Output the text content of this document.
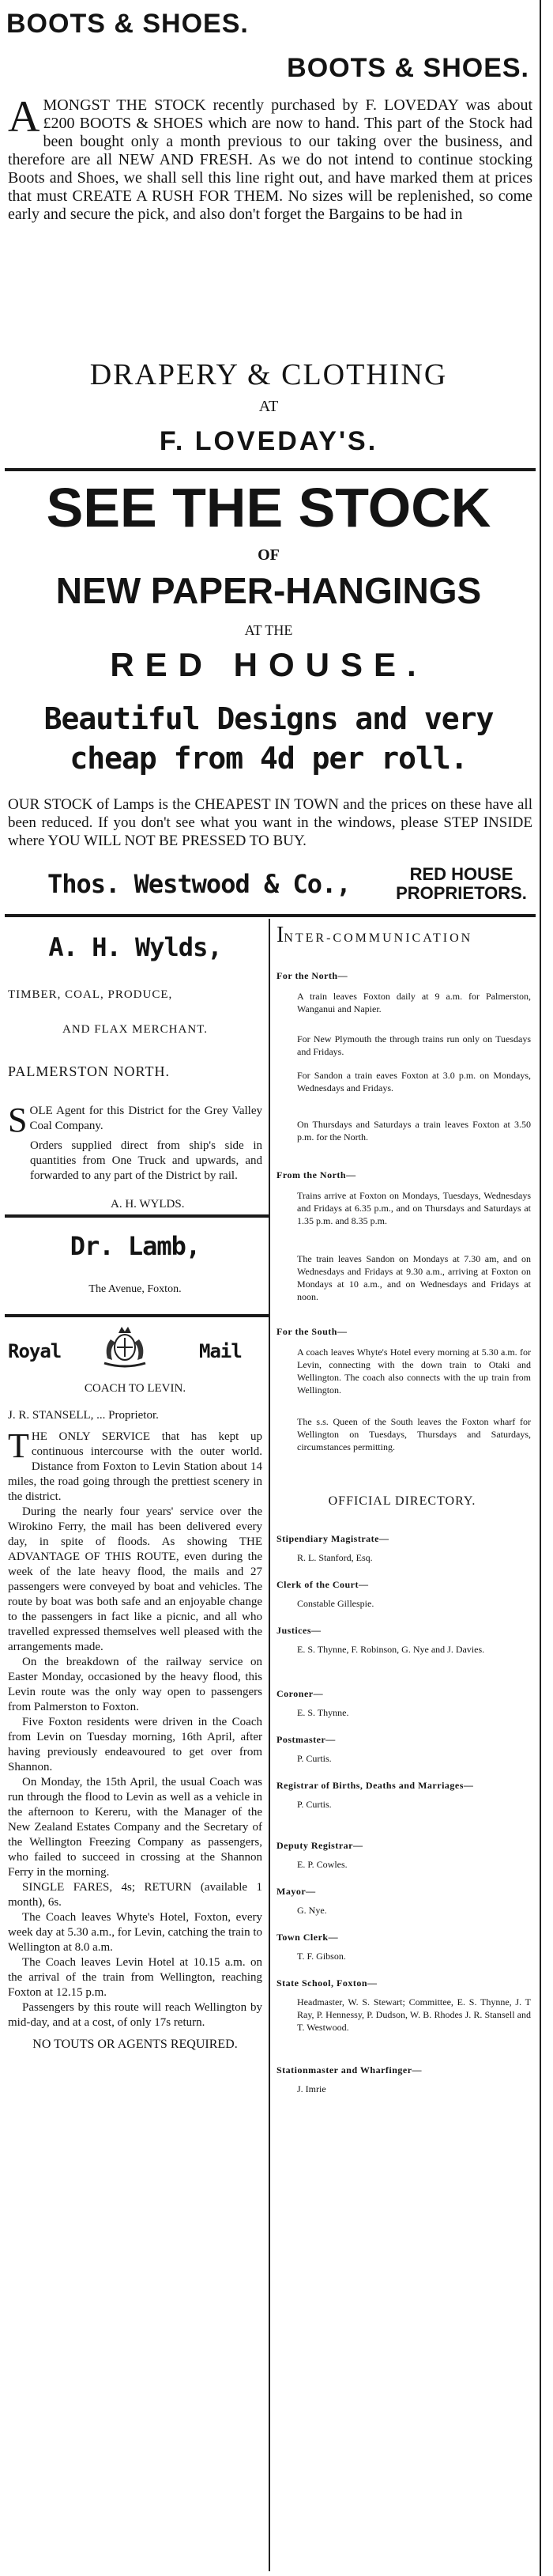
BOOTS & SHOES.
BOOTS & SHOES.
A MONGST THE STOCK recently purchased by F. LOVEDAY was about £200 BOOTS & SHOES which are now to hand. This part of the Stock had been bought only a month previous to our taking over the business, and therefore are all NEW AND FRESH. As we do not intend to continue stocking Boots and Shoes, we shall sell this line right out, and have marked them at prices that must CREATE A RUSH FOR THEM. No sizes will be replenished, so come early and secure the pick, and also don't forget the Bargains to be had in
DRAPERY & CLOTHING
AT
F. LOVEDAY'S.
SEE THE STOCK
OF
NEW PAPER-HANGINGS
AT THE
RED HOUSE.
Beautiful Designs and very cheap from 4d per roll.
OUR STOCK of Lamps is the CHEAPEST IN TOWN and the prices on these have all been reduced. If you don't see what you want in the windows, please STEP INSIDE where YOU WILL NOT BE PRESSED TO BUY.
Thos. Westwood & Co.,	RED HOUSE PROPRIETORS.
A. H. Wylds,
TIMBER, COAL, PRODUCE,
AND FLAX MERCHANT.
PALMERSTON NORTH.
S OLE Agent for this District for the Grey Valley Coal Company.
Orders supplied direct from ship's side in quantities from One Truck and upwards, and forwarded to any part of the District by rail.
A. H. WYLDS.
Dr. Lamb,
The Avenue, Foxton.
Royal	Mail
COACH TO LEVIN.
J. R. STANSELL, ... Proprietor.

THE ONLY SERVICE that has kept up continuous intercourse with the outer world. Distance from Foxton to Levin Station about 14 miles, the road going through the prettiest scenery in the district.

During the nearly four years' service over the Wirokino Ferry, the mail has been delivered every day, in spite of floods. As showing THE ADVANTAGE OF THIS ROUTE, even during the week of the late heavy flood, the mails and 27 passengers were conveyed by boat and vehicles. The route by boat was both safe and an enjoyable change to the passengers in fact like a picnic, and all who travelled expressed themselves well pleased with the arrangements made.

On the breakdown of the railway service on Easter Monday, occasioned by the heavy flood, this Levin route was the only way open to passengers from Palmerston to Foxton.

Five Foxton residents were driven in the Coach from Levin on Tuesday morning, 16th April, after having previously endeavoured to get over from Shannon.

On Monday, the 15th April, the usual Coach was run through the flood to Levin as well as a vehicle in the afternoon to Kereru, with the Manager of the New Zealand Estates Company and the Secretary of the Wellington Freezing Company as passengers, who failed to succeed in crossing at the Shannon Ferry in the morning.

SINGLE FARES, 4s; RETURN (available 1 month), 6s.

The Coach leaves Whyte's Hotel, Foxton, every week day at 5.30 a.m., for Levin, catching the train to Wellington at 8.0 a.m.

The Coach leaves Levin Hotel at 10.15 a.m. on the arrival of the train from Wellington, reaching Foxton at 12.15 p.m.

Passengers by this route will reach Wellington by mid-day, and at a cost, of only 17s return.

NO TOUTS OR AGENTS REQUIRED.

INTER-COMMUNICATION
For the North—
A train leaves Foxton daily at 9 a.m. for Palmerston, Wanganui and Napier.
For New Plymouth the through trains run only on Tuesdays and Fridays.
For Sandon a train eaves Foxton at 3.0 p.m. on Mondays, Wednesdays and Fridays.
On Thursdays and Saturdays a train leaves Foxton at 3.50 p.m. for the North.
From the North—
Trains arrive at Foxton on Mondays, Tuesdays, Wednesdays and Fridays at 6.35 p.m., and on Thursdays and Saturdays at 1.35 p.m. and 8.35 p.m.
The train leaves Sandon on Mondays at 7.30 am, and on Wednesdays and Fridays at 9.30 a.m., arriving at Foxton on Mondays at 10 a.m., and on Wednesdays and Fridays at noon.
For the South—
A coach leaves Whyte's Hotel every morning at 5.30 a.m. for Levin, connecting with the down train to Otaki and Wellington. The coach also connects with the up train from Wellington.
The s.s. Queen of the South leaves the Foxton wharf for Wellington on Tuesdays, Thursdays and Saturdays, circumstances permitting.
OFFICIAL DIRECTORY.
Stipendiary Magistrate—
R. L. Stanford, Esq.
Clerk of the Court—
Constable Gillespie.
Justices—
E. S. Thynne, F. Robinson, G. Nye and J. Davies.
Coroner—
E. S. Thynne.
Postmaster—
P. Curtis.
Registrar of Births, Deaths and Marriages—
P. Curtis.
Deputy Registrar—
E. P. Cowles.
Mayor—
G. Nye.
Town Clerk—
T. F. Gibson.
State School, Foxton—
Headmaster, W. S. Stewart; Committee, E. S. Thynne, J. T Ray, P. Hennessy, P. Dudson, W. B. Rhodes J. R. Stansell and T. Westwood.
Stationmaster and Wharfinger—
J. Imrie
